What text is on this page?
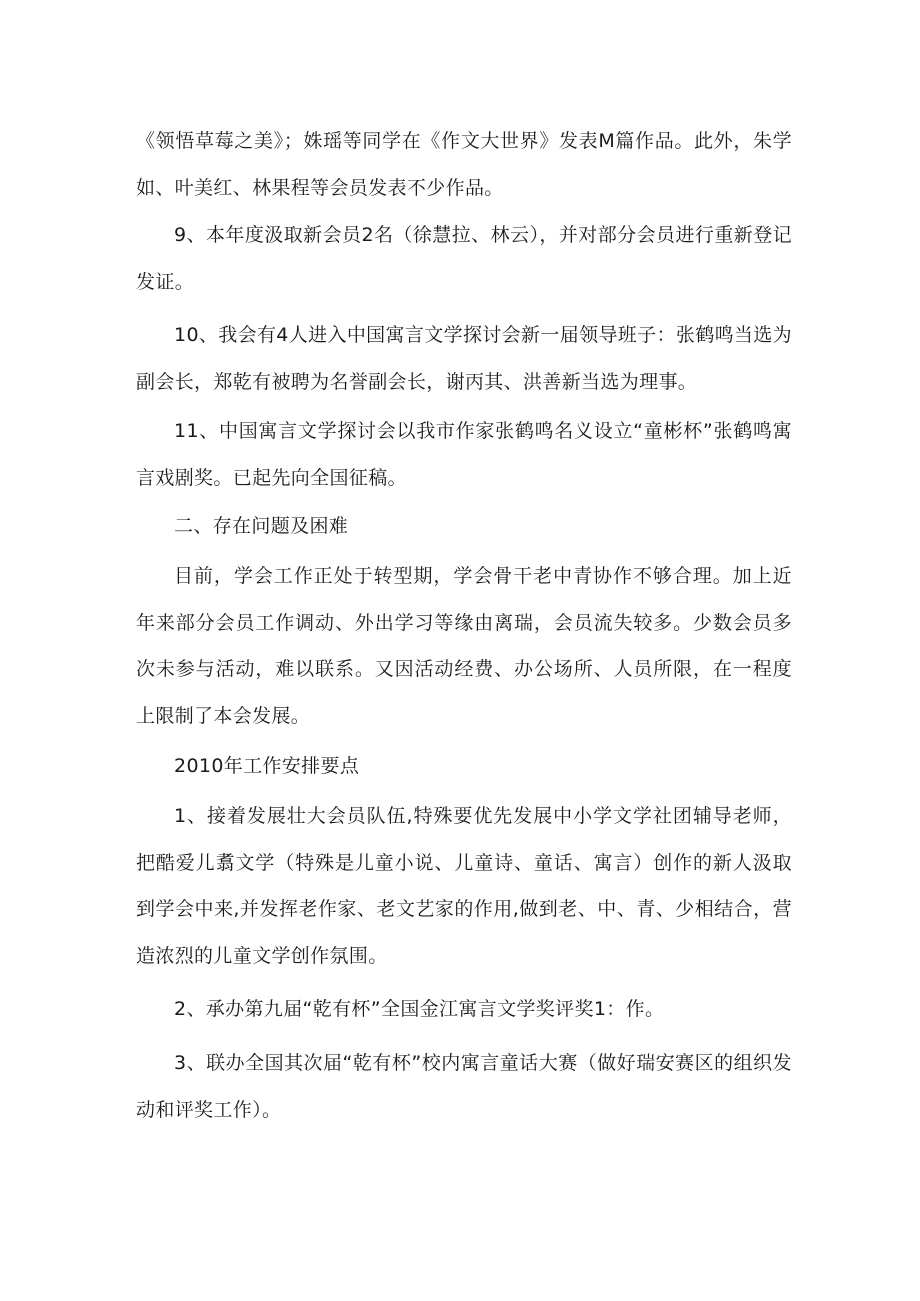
《领悟草莓之美》；姝瑶等同学在《作文大世界》发表M篇作品。此外，朱学如、叶美红、林果程等会员发表不少作品。

9、本年度汲取新会员2名（徐慧拉、林云），并对部分会员进行重新登记发证。

10、我会有4人进入中国寓言文学探讨会新一届领导班子：张鹤鸣当选为副会长，郑乾有被聘为名誉副会长，谢丙其、洪善新当选为理事。

11、中国寓言文学探讨会以我市作家张鹤鸣名义设立“童彬杯”张鹤鸣寓言戏剧奖。已起先向全国征稿。

二、存在问题及困难

目前，学会工作正处于转型期，学会骨干老中青协作不够合理。加上近年来部分会员工作调动、外出学习等缘由离瑞，会员流失较多。少数会员多次未参与活动，难以联系。又因活动经费、办公场所、人员所限，在一程度上限制了本会发展。

2010年工作安排要点

1、接着发展壮大会员队伍,特殊要优先发展中小学文学社团辅导老师，把酷爱儿翥文学（特殊是儿童小说、儿童诗、童话、寓言）创作的新人汲取到学会中来,并发挥老作家、老文艺家的作用,做到老、中、青、少相结合，营造浓烈的儿童文学创作氛围。

2、承办第九届“乾有杯”全国金江寓言文学奖评奖1：作。

3、联办全国其次届“乾有杯”校内寓言童话大赛（做好瑞安赛区的组织发动和评奖工作）。
